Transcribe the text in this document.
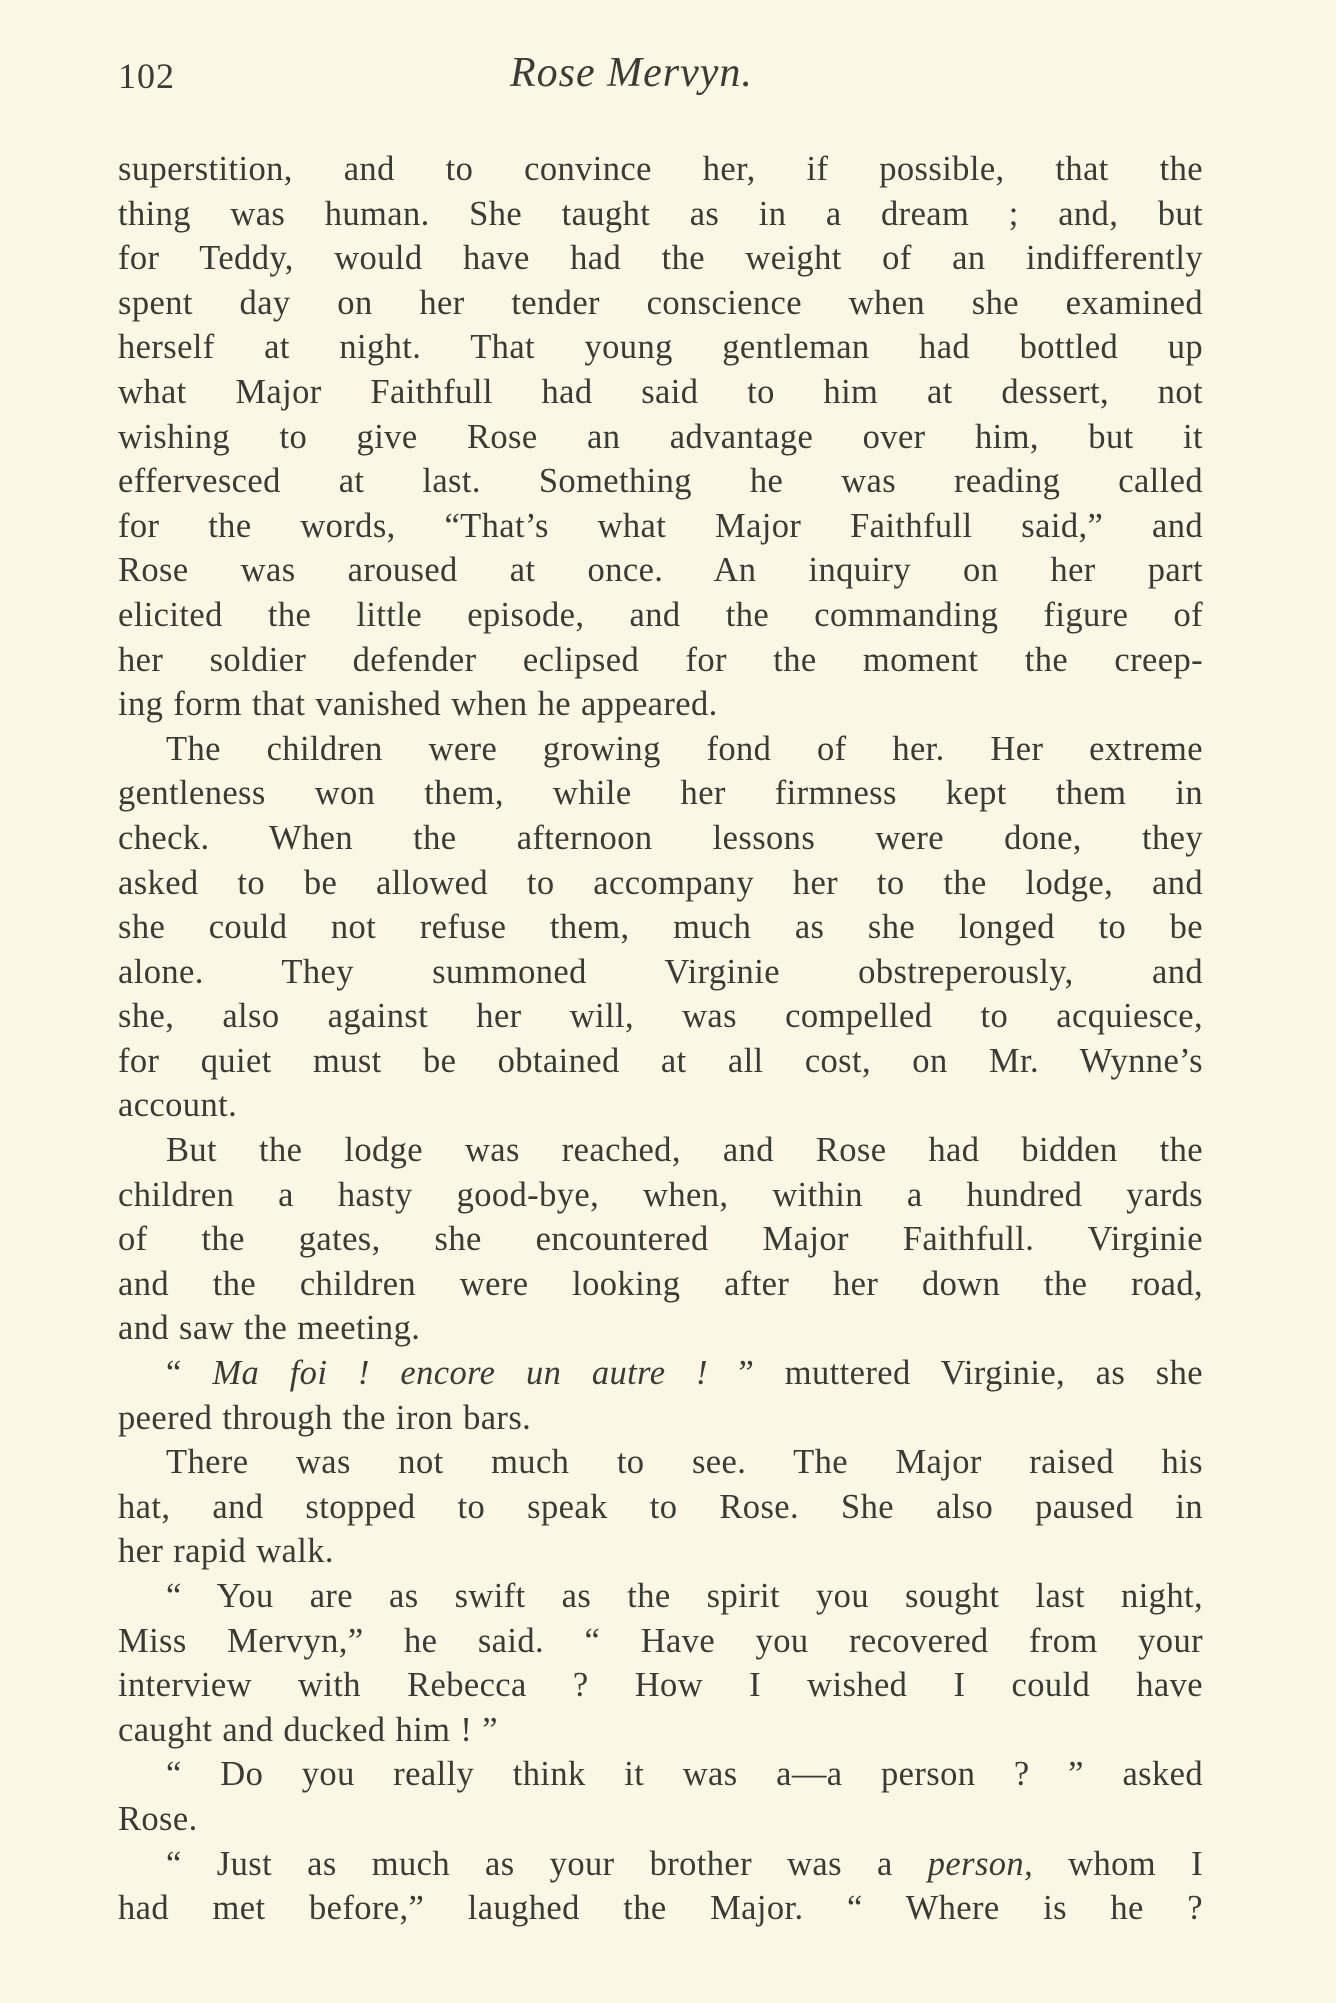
102	Rose Mervyn.
superstition, and to convince her, if possible, that the
thing was human. She taught as in a dream ; and, but
for Teddy, would have had the weight of an indifferently
spent day on her tender conscience when she examined
herself at night. That young gentleman had bottled up
what Major Faithfull had said to him at dessert, not
wishing to give Rose an advantage over him, but it
effervesced at last. Something he was reading called
for the words, “That’s what Major Faithfull said,” and
Rose was aroused at once. An inquiry on her part
elicited the little episode, and the commanding figure of
her soldier defender eclipsed for the moment the creep-
ing form that vanished when he appeared.
The children were growing fond of her. Her extreme
gentleness won them, while her firmness kept them in
check. When the afternoon lessons were done, they
asked to be allowed to accompany her to the lodge, and
she could not refuse them, much as she longed to be
alone. They summoned Virginie obstreperously, and
she, also against her will, was compelled to acquiesce,
for quiet must be obtained at all cost, on Mr. Wynne’s
account.
But the lodge was reached, and Rose had bidden the
children a hasty good-bye, when, within a hundred yards
of the gates, she encountered Major Faithfull. Virginie
and the children were looking after her down the road,
and saw the meeting.
“ Ma foi ! encore un autre ! ” muttered Virginie, as she
peered through the iron bars.
There was not much to see. The Major raised his
hat, and stopped to speak to Rose. She also paused in
her rapid walk.
“ You are as swift as the spirit you sought last night,
Miss Mervyn,” he said. “ Have you recovered from your
interview with Rebecca ? How I wished I could have
caught and ducked him ! ”
“ Do you really think it was a—a person ? ” asked
Rose.
“ Just as much as your brother was a person, whom I
had met before,” laughed the Major. “ Where is he ?
